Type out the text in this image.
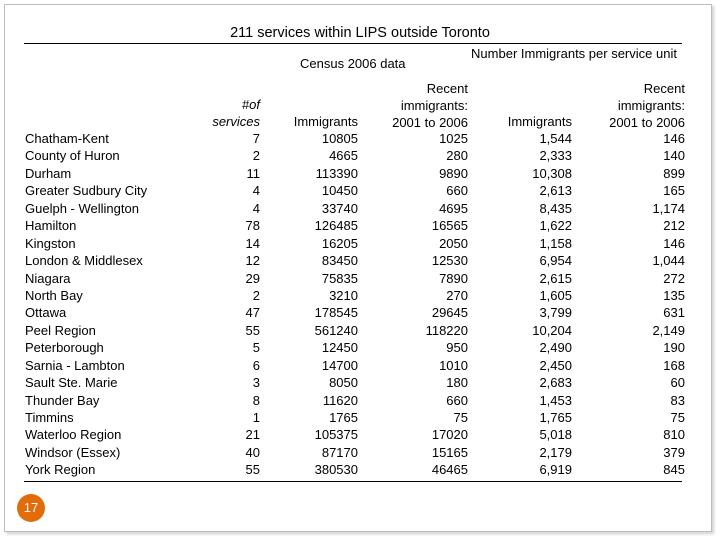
211 services within LIPS outside Toronto
Census 2006 data
Number Immigrants per service unit
#of
services	Immigrants
Recent
immigrants:
2001 to 2006	Immigrants
Recent
immigrants:
2001 to 2006
Chatham-Kent	7	10805	1025	1,544	146
County of Huron	2	4665	280	2,333	140
Durham	11	113390	9890	10,308	899
Greater Sudbury City	4	10450	660	2,613	165
Guelph - Wellington	4	33740	4695	8,435	1,174
Hamilton	78	126485	16565	1,622	212
Kingston	14	16205	2050	1,158	146
London & Middlesex	12	83450	12530	6,954	1,044
Niagara	29	75835	7890	2,615	272
North Bay	2	3210	270	1,605	135
Ottawa	47	178545	29645	3,799	631
Peel Region	55	561240	118220	10,204	2,149
Peterborough	5	12450	950	2,490	190
Sarnia - Lambton	6	14700	1010	2,450	168
Sault Ste. Marie	3	8050	180	2,683	60
Thunder Bay	8	11620	660	1,453	83
Timmins	1	1765	75	1,765	75
Waterloo Region	21	105375	17020	5,018	810
Windsor (Essex)	40	87170	15165	2,179	379
York Region	55	380530	46465	6,919	845
17
